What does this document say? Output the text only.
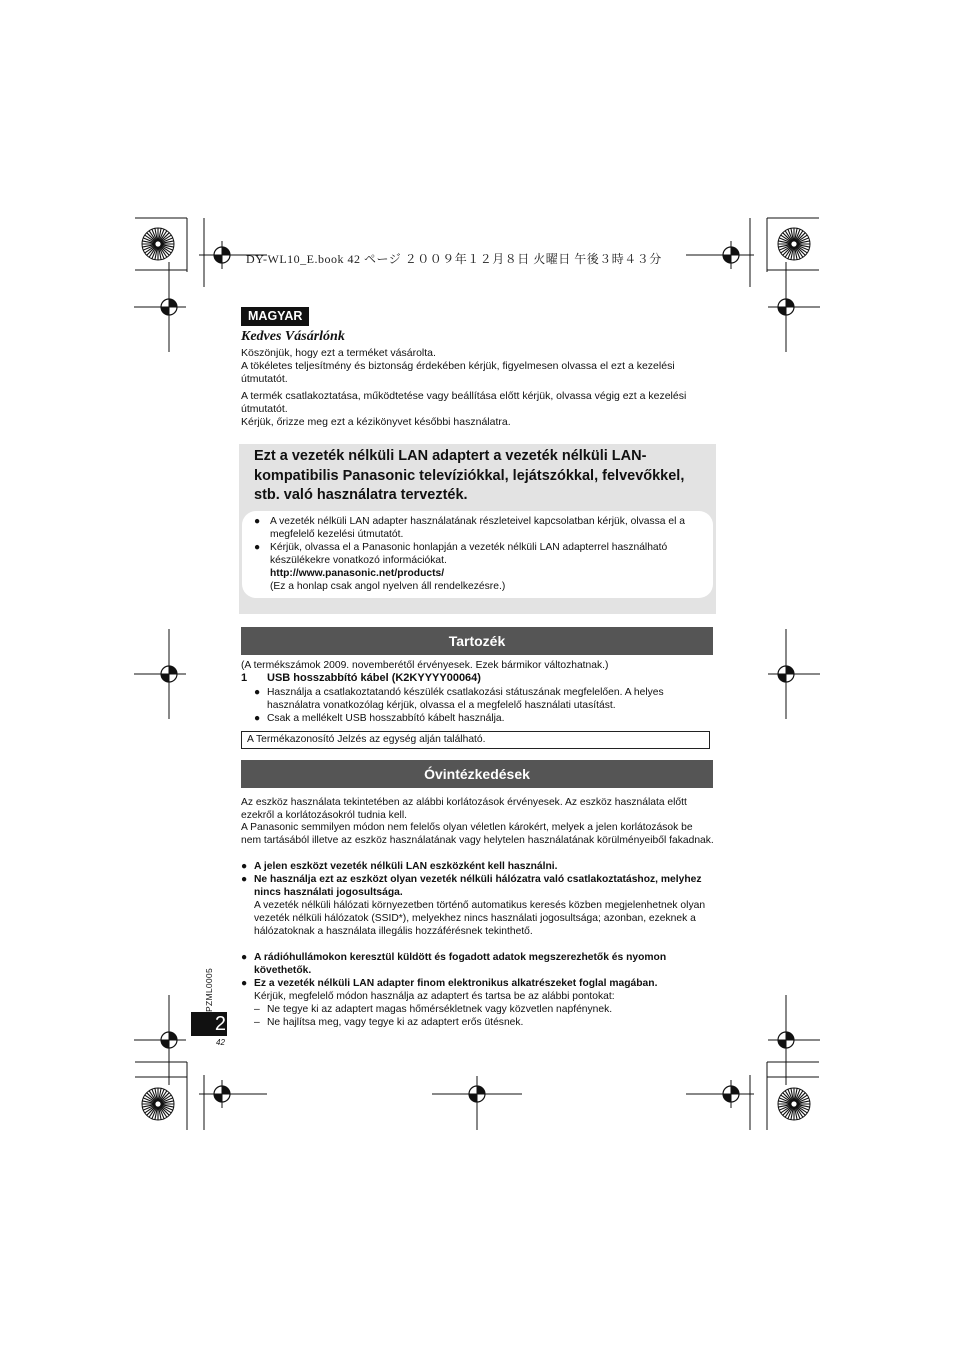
DY-WL10_E.book 42 ページ ２００９年１２月８日 火曜日 午後３時４３分
MAGYAR
Kedves Vásárlónk

Köszönjük, hogy ezt a terméket vásárolta.
A tökéletes teljesítmény és biztonság érdekében kérjük, figyelmesen olvassa el ezt a kezelési útmutatót.

A termék csatlakoztatása, működtetése vagy beállítása előtt kérjük, olvassa végig ezt a kezelési útmutatót.
Kérjük, őrizze meg ezt a kézikönyvet későbbi használatra.

Ezt a vezeték nélküli LAN adaptert a vezeték nélküli LAN-kompatibilis Panasonic televíziókkal, lejátszókkal, felvevőkkel, stb. való használatra tervezték.
● A vezeték nélküli LAN adapter használatának részleteivel kapcsolatban kérjük, olvassa el a megfelelő kezelési útmutatót.
● Kérjük, olvassa el a Panasonic honlapján a vezeték nélküli LAN adapterrel használható készülékekre vonatkozó információkat.
http://www.panasonic.net/products/
(Ez a honlap csak angol nyelven áll rendelkezésre.)
Tartozék
(A termékszámok 2009. novemberétől érvényesek. Ezek bármikor változhatnak.)
1 USB hosszabbító kábel (K2KYYYY00064)
● Használja a csatlakoztatandó készülék csatlakozási státuszának megfelelően. A helyes használatra vonatkozólag kérjük, olvassa el a megfelelő használati utasítást.
● Csak a mellékelt USB hosszabbító kábelt használja.
A Termékazonosító Jelzés az egység alján található.
Óvintézkedések
Az eszköz használata tekintetében az alábbi korlátozások érvényesek. Az eszköz használata előtt ezekről a korlátozásokról tudnia kell.
A Panasonic semmilyen módon nem felelős olyan véletlen károkért, melyek a jelen korlátozások be nem tartásából illetve az eszköz használatának vagy helytelen használatának körülményeiből fakadnak.
● A jelen eszközt vezeték nélküli LAN eszközként kell használni.
● Ne használja ezt az eszközt olyan vezeték nélküli hálózatra való csatlakoztatáshoz, melyhez nincs használati jogosultsága.
A vezeték nélküli hálózati környezetben történő automatikus keresés közben megjelenhetnek olyan vezeték nélküli hálózatok (SSID*), melyekhez nincs használati jogosultsága; azonban, ezeknek a hálózatoknak a használata illegális hozzáférésnek tekinthető.
● A rádióhullámokon keresztül küldött és fogadott adatok megszerezhetők és nyomon követhetők.
● Ez a vezeték nélküli LAN adapter finom elektronikus alkatrészeket foglal magában.
Kérjük, megfelelő módon használja az adaptert és tartsa be az alábbi pontokat:
– Ne tegye ki az adaptert magas hőmérsékletnek vagy közvetlen napfénynek.
– Ne hajlítsa meg, vagy tegye ki az adaptert erős ütésnek.
PZML0005
2
42
